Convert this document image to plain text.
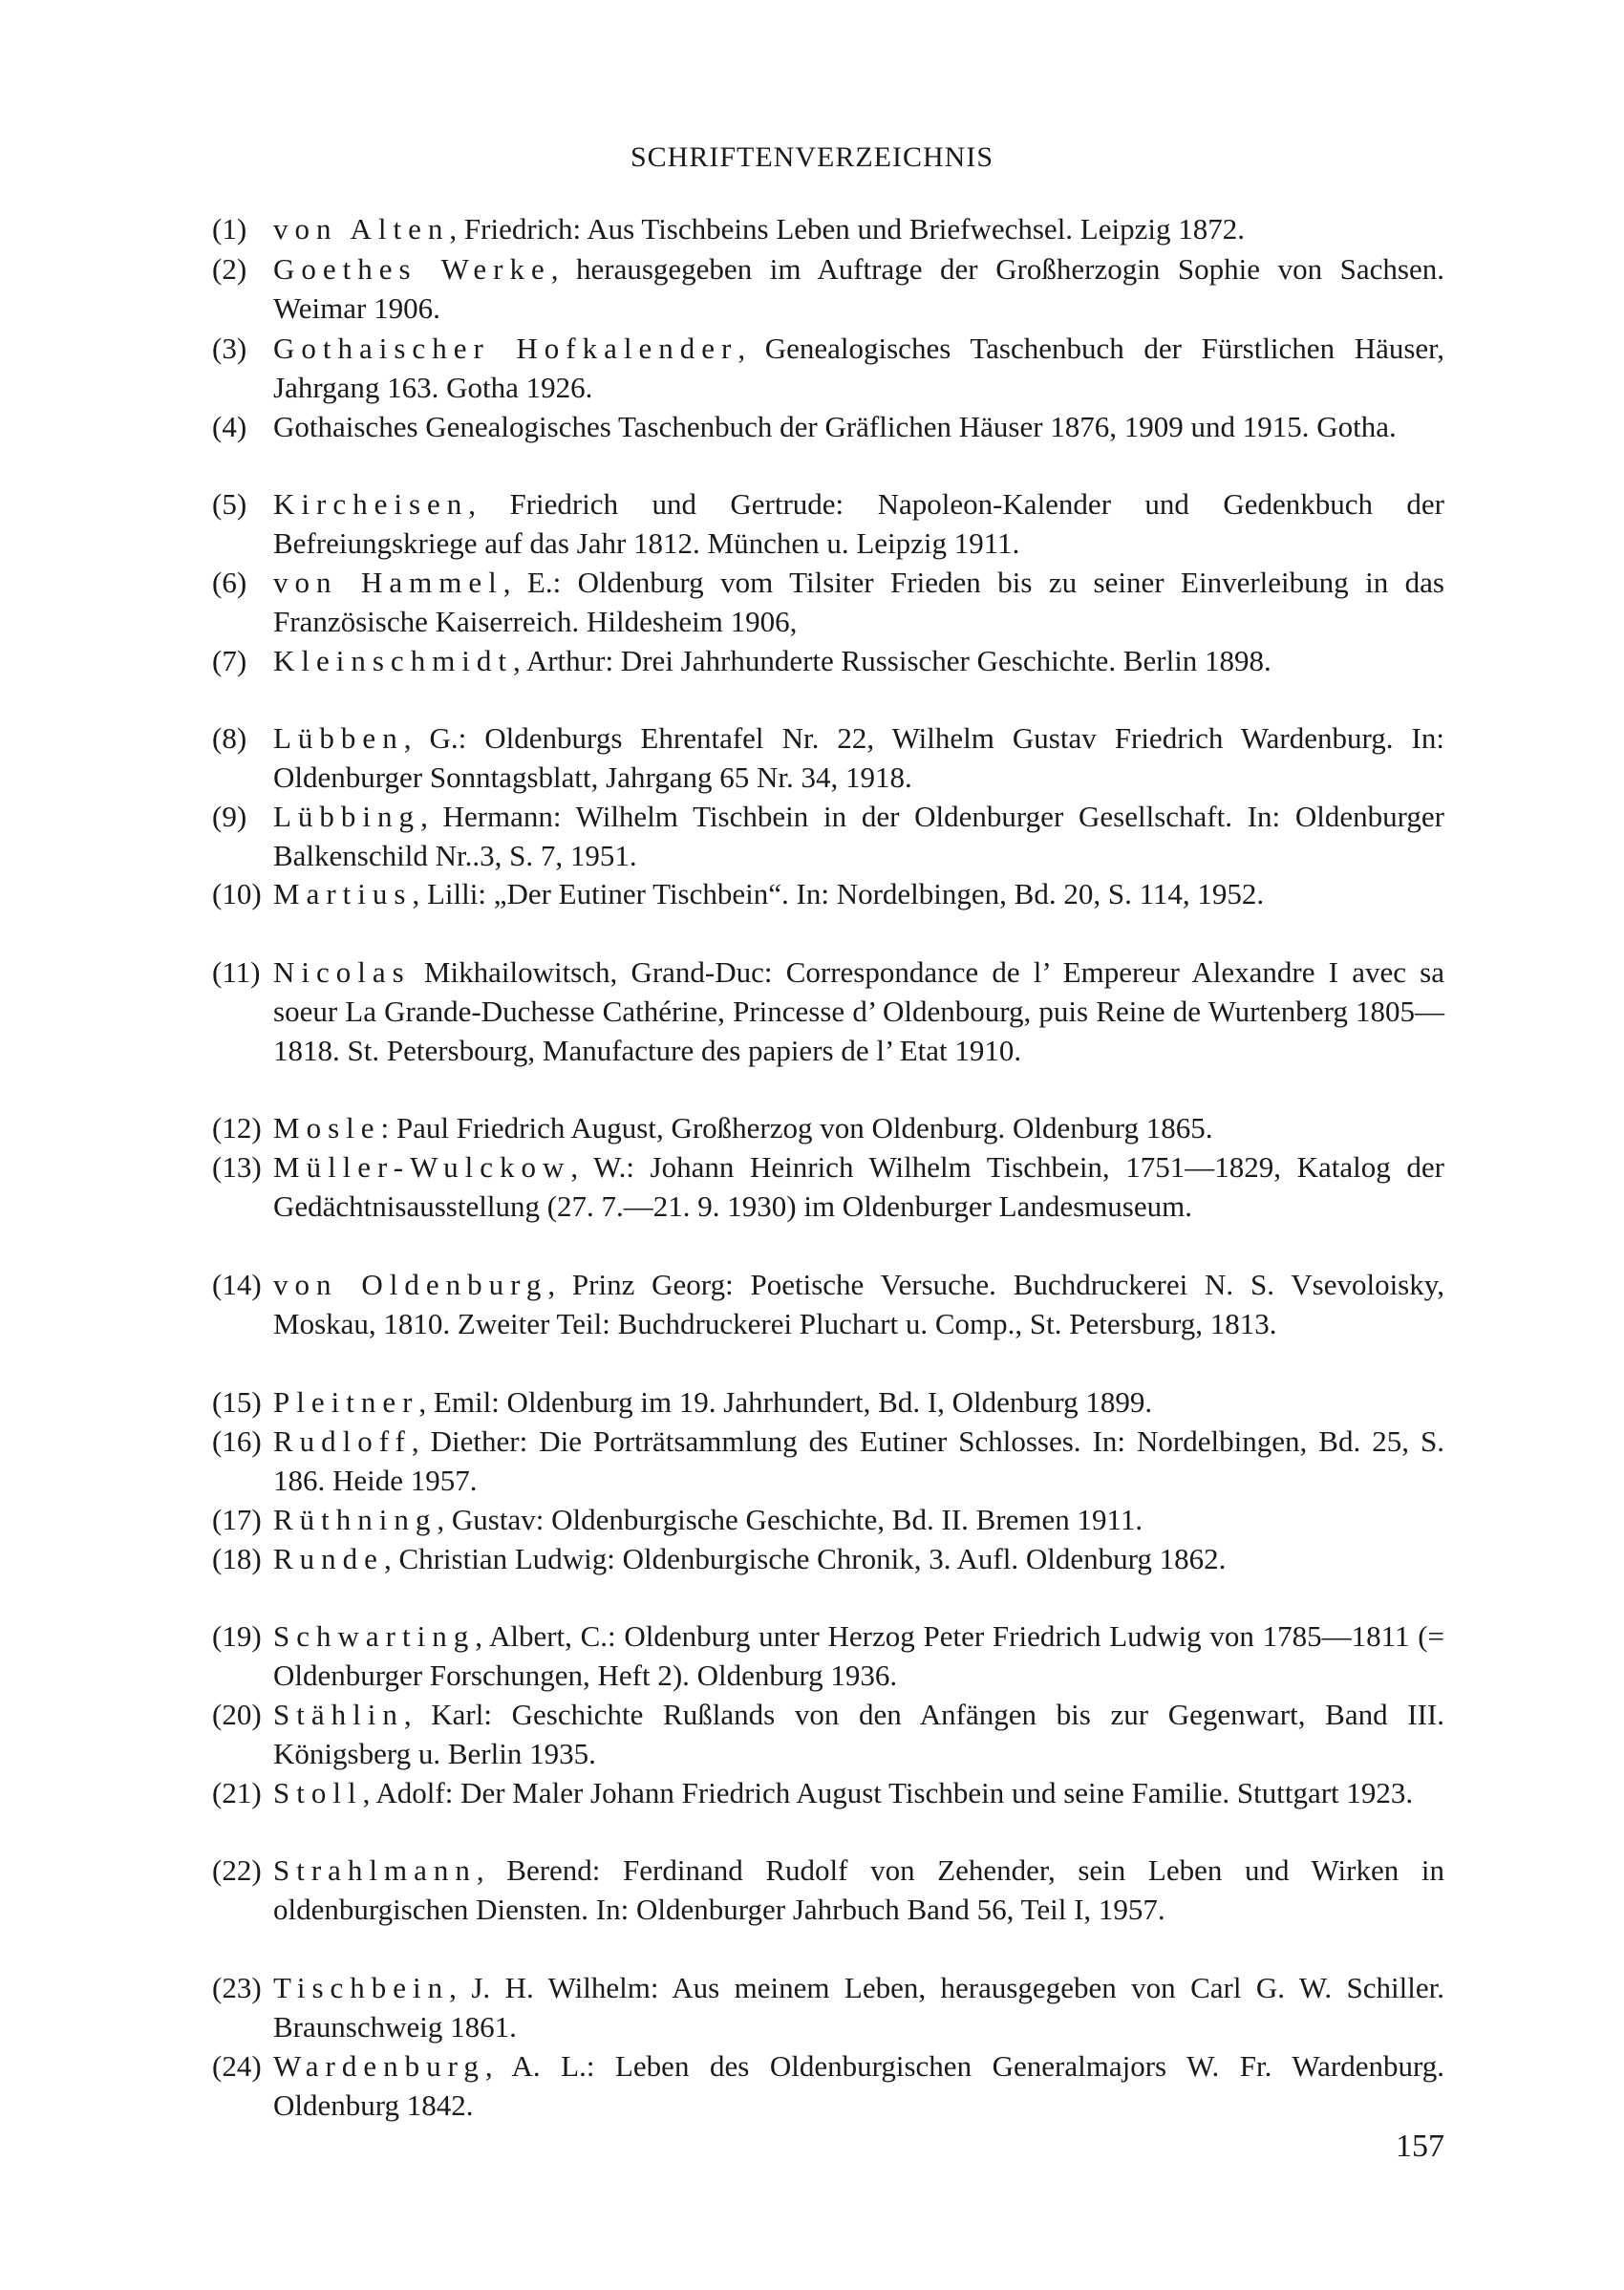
SCHRIFTENVERZEICHNIS
(1) von Alten, Friedrich: Aus Tischbeins Leben und Briefwechsel. Leipzig 1872.
(2) Goethes Werke, herausgegeben im Auftrage der Großherzogin Sophie von Sachsen. Weimar 1906.
(3) Gothaischer Hofkalender, Genealogisches Taschenbuch der Fürstlichen Häuser, Jahrgang 163. Gotha 1926.
(4) Gothaisches Genealogisches Taschenbuch der Gräflichen Häuser 1876, 1909 und 1915. Gotha.
(5) Kircheisen, Friedrich und Gertrude: Napoleon-Kalender und Gedenkbuch der Befreiungskriege auf das Jahr 1812. München u. Leipzig 1911.
(6) von Hammel, E.: Oldenburg vom Tilsiter Frieden bis zu seiner Einverleibung in das Französische Kaiserreich. Hildesheim 1906,
(7) Kleinschmidt, Arthur: Drei Jahrhunderte Russischer Geschichte. Berlin 1898.
(8) Lübben, G.: Oldenburgs Ehrentafel Nr. 22, Wilhelm Gustav Friedrich Wardenburg. In: Oldenburger Sonntagsblatt, Jahrgang 65 Nr. 34, 1918.
(9) Lübbing, Hermann: Wilhelm Tischbein in der Oldenburger Gesellschaft. In: Oldenburger Balkenschild Nr..3, S. 7, 1951.
(10) Martius, Lilli: „Der Eutiner Tischbein“. In: Nordelbingen, Bd. 20, S. 114, 1952.
(11) Nicolas Mikhailowitsch, Grand-Duc: Correspondance de l’ Empereur Alexandre I avec sa soeur La Grande-Duchesse Cathérine, Princesse d’ Oldenbourg, puis Reine de Wurtenberg 1805—1818. St. Petersbourg, Manufacture des papiers de l’ Etat 1910.
(12) Mosle: Paul Friedrich August, Großherzog von Oldenburg. Oldenburg 1865.
(13) Müller-Wulckow, W.: Johann Heinrich Wilhelm Tischbein, 1751—1829, Katalog der Gedächtnisausstellung (27. 7.—21. 9. 1930) im Oldenburger Landesmuseum.
(14) von Oldenburg, Prinz Georg: Poetische Versuche. Buchdruckerei N. S. Vsevoloisky, Moskau, 1810. Zweiter Teil: Buchdruckerei Pluchart u. Comp., St. Petersburg, 1813.
(15) Pleitner, Emil: Oldenburg im 19. Jahrhundert, Bd. I, Oldenburg 1899.
(16) Rudloff, Diether: Die Porträtsammlung des Eutiner Schlosses. In: Nordelbingen, Bd. 25, S. 186. Heide 1957.
(17) Rüthning, Gustav: Oldenburgische Geschichte, Bd. II. Bremen 1911.
(18) Runde, Christian Ludwig: Oldenburgische Chronik, 3. Aufl. Oldenburg 1862.
(19) Schwarting, Albert, C.: Oldenburg unter Herzog Peter Friedrich Ludwig von 1785—1811 (= Oldenburger Forschungen, Heft 2). Oldenburg 1936.
(20) Stählin, Karl: Geschichte Rußlands von den Anfängen bis zur Gegenwart, Band III. Königsberg u. Berlin 1935.
(21) Stoll, Adolf: Der Maler Johann Friedrich August Tischbein und seine Familie. Stuttgart 1923.
(22) Strahlmann, Berend: Ferdinand Rudolf von Zehender, sein Leben und Wirken in oldenburgischen Diensten. In: Oldenburger Jahrbuch Band 56, Teil I, 1957.
(23) Tischbein, J. H. Wilhelm: Aus meinem Leben, herausgegeben von Carl G. W. Schiller. Braunschweig 1861.
(24) Wardenburg, A. L.: Leben des Oldenburgischen Generalmajors W. Fr. Wardenburg. Oldenburg 1842.
157
